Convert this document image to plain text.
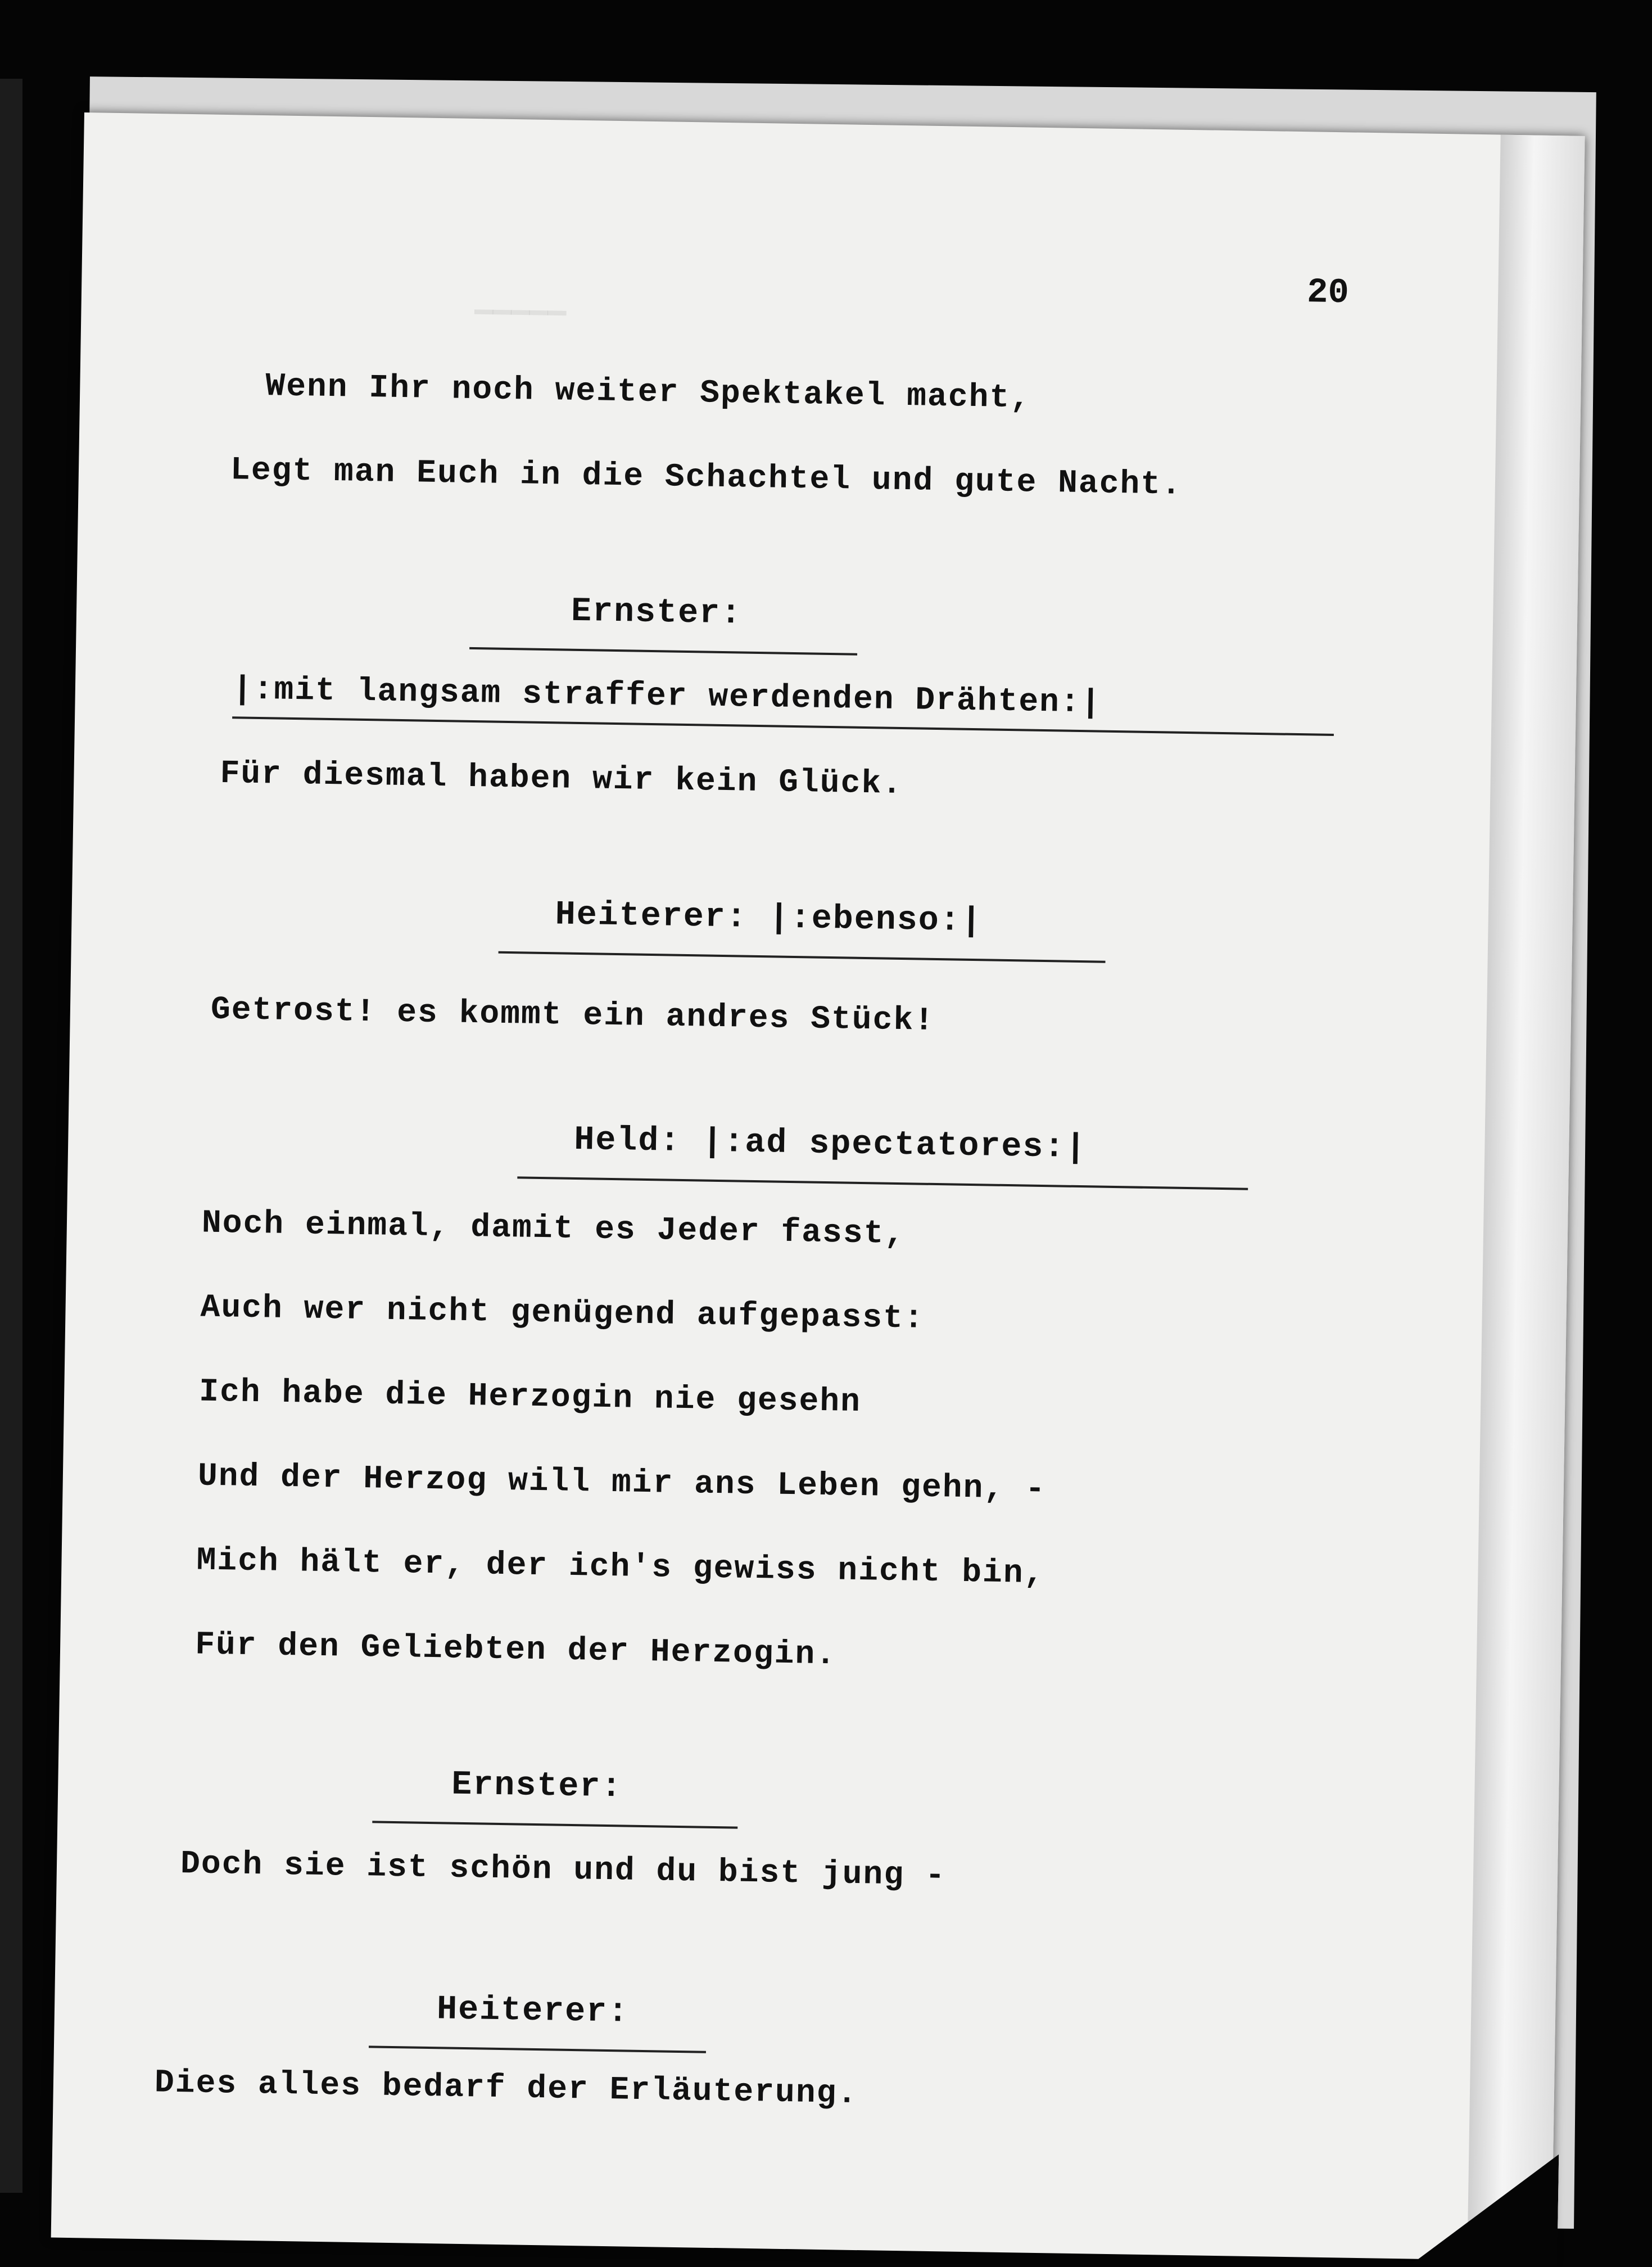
▔▔▔▔▔
20
Wenn Ihr noch weiter Spektakel macht,
Legt man Euch in die Schachtel und gute Nacht.
Ernster:
|:mit langsam straffer werdenden Drähten:|
Für diesmal haben wir kein Glück.
Heiterer: |:ebenso:|
Getrost! es kommt ein andres Stück!
Held: |:ad spectatores:|
Noch einmal, damit es Jeder fasst,
Auch wer nicht genügend aufgepasst:
Ich habe die Herzogin nie gesehn
Und der Herzog will mir ans Leben gehn, -
Mich hält er, der ich's gewiss nicht bin,
Für den Geliebten der Herzogin.
Ernster:
Doch sie ist schön und du bist jung -
Heiterer:
Dies alles bedarf der Erläuterung.
